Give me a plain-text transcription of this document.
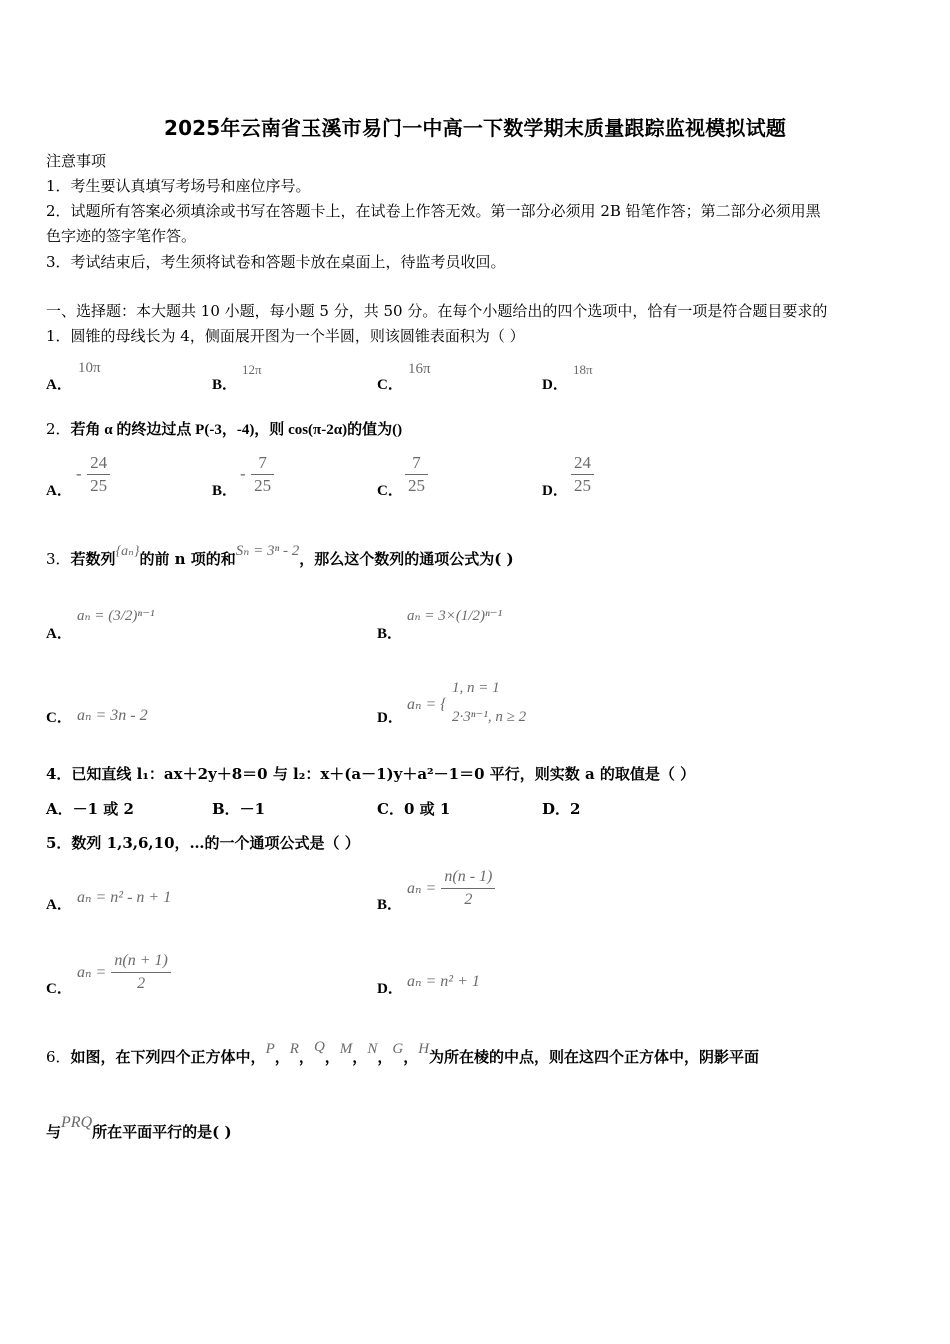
2025年云南省玉溪市易门一中高一下数学期末质量跟踪监视模拟试题
注意事项
1．考生要认真填写考场号和座位序号。
2．试题所有答案必须填涂或书写在答题卡上，在试卷上作答无效。第一部分必须用 2B 铅笔作答；第二部分必须用黑
色字迹的签字笔作答。
3．考试结束后，考生须将试卷和答题卡放在桌面上，待监考员收回。
一、选择题：本大题共 10 小题，每小题 5 分，共 50 分。在每个小题给出的四个选项中，恰有一项是符合题目要求的
1．圆锥的母线长为 4，侧面展开图为一个半圆，则该圆锥表面积为（ ）
A．
10π
B．
12π
C．
16π
D．
18π
2．若角 α 的终边过点 P(-3，-4)，则 cos(π-2α)的值为()
A．
- $\frac{24}{25}$	B．
- $\frac{7}{25}$	C． $\frac{7}{25}$	D． $\frac{24}{25}$
3．若数列{aₙ}的前 n 项的和Sₙ = 3ⁿ - 2，那么这个数列的通项公式为( )
A．
aₙ = (3/2)ⁿ⁻¹
B．
aₙ = 3×(1/2)ⁿ⁻¹
C． aₙ = 3n - 2	D．
aₙ = {
1, n = 1
2·3ⁿ⁻¹, n ≥ 2
4．已知直线 l₁：ax＋2y＋8＝0 与 l₂：x＋(a－1)y＋a²－1＝0 平行，则实数 a 的取值是（ ）
A．－1 或 2	B．－1	C．0 或 1	D．2
5．数列 1,3,6,10，…的一个通项公式是（ ）
A． aₙ = n² - n + 1	B．
$a_n = \frac{n(n - 1)}{2}$
C．
$a_n = \frac{n(n + 1)}{2}$	D． aₙ = n² + 1
6．如图，在下列四个正方体中，P，R，Q，M，N，G，H为所在棱的中点，则在这四个正方体中，阴影平面
与PRQ所在平面平行的是( )
